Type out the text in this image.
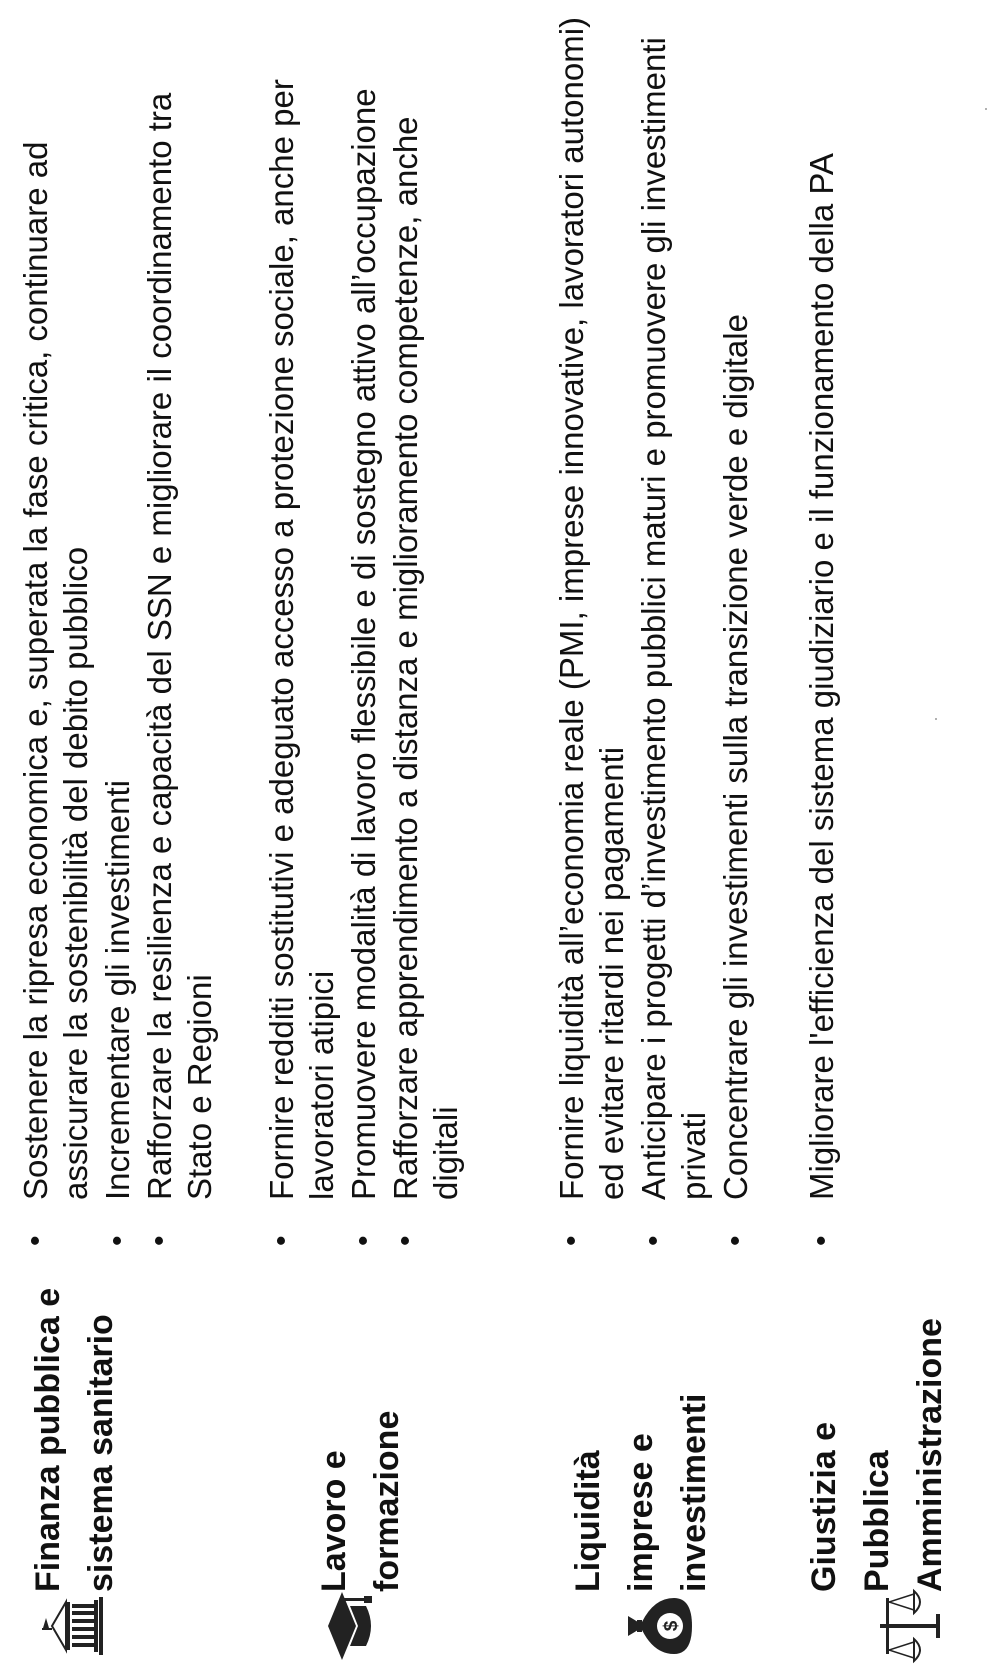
Finanza pubblica e sistema sanitario

• Sostenere la ripresa economica e, superata la fase critica, continuare ad assicurare la sostenibilità del debito pubblico • Incrementare gli investimenti • Rafforzare la resilienza e capacità del SSN e migliorare il coordinamento tra Stato e Regioni

Lavoro e formazione

• Fornire redditi sostitutivi e adeguato accesso a protezione sociale, anche per lavoratori atipici • Promuovere modalità di lavoro flessibile e di sostegno attivo all’occupazione • Rafforzare apprendimento a distanza e miglioramento competenze, anche digitali
$

Liquidità imprese e investimenti

• Fornire liquidità all’economia reale (PMI, imprese innovative, lavoratori autonomi) ed evitare ritardi nei pagamenti • Anticipare i progetti d’investimento pubblici maturi e promuovere gli investimenti privati • Concentrare gli investimenti sulla transizione verde e digitale

Giustizia e Pubblica Amministrazione

• Migliorare l'efficienza del sistema giudiziario e il funzionamento della PA
